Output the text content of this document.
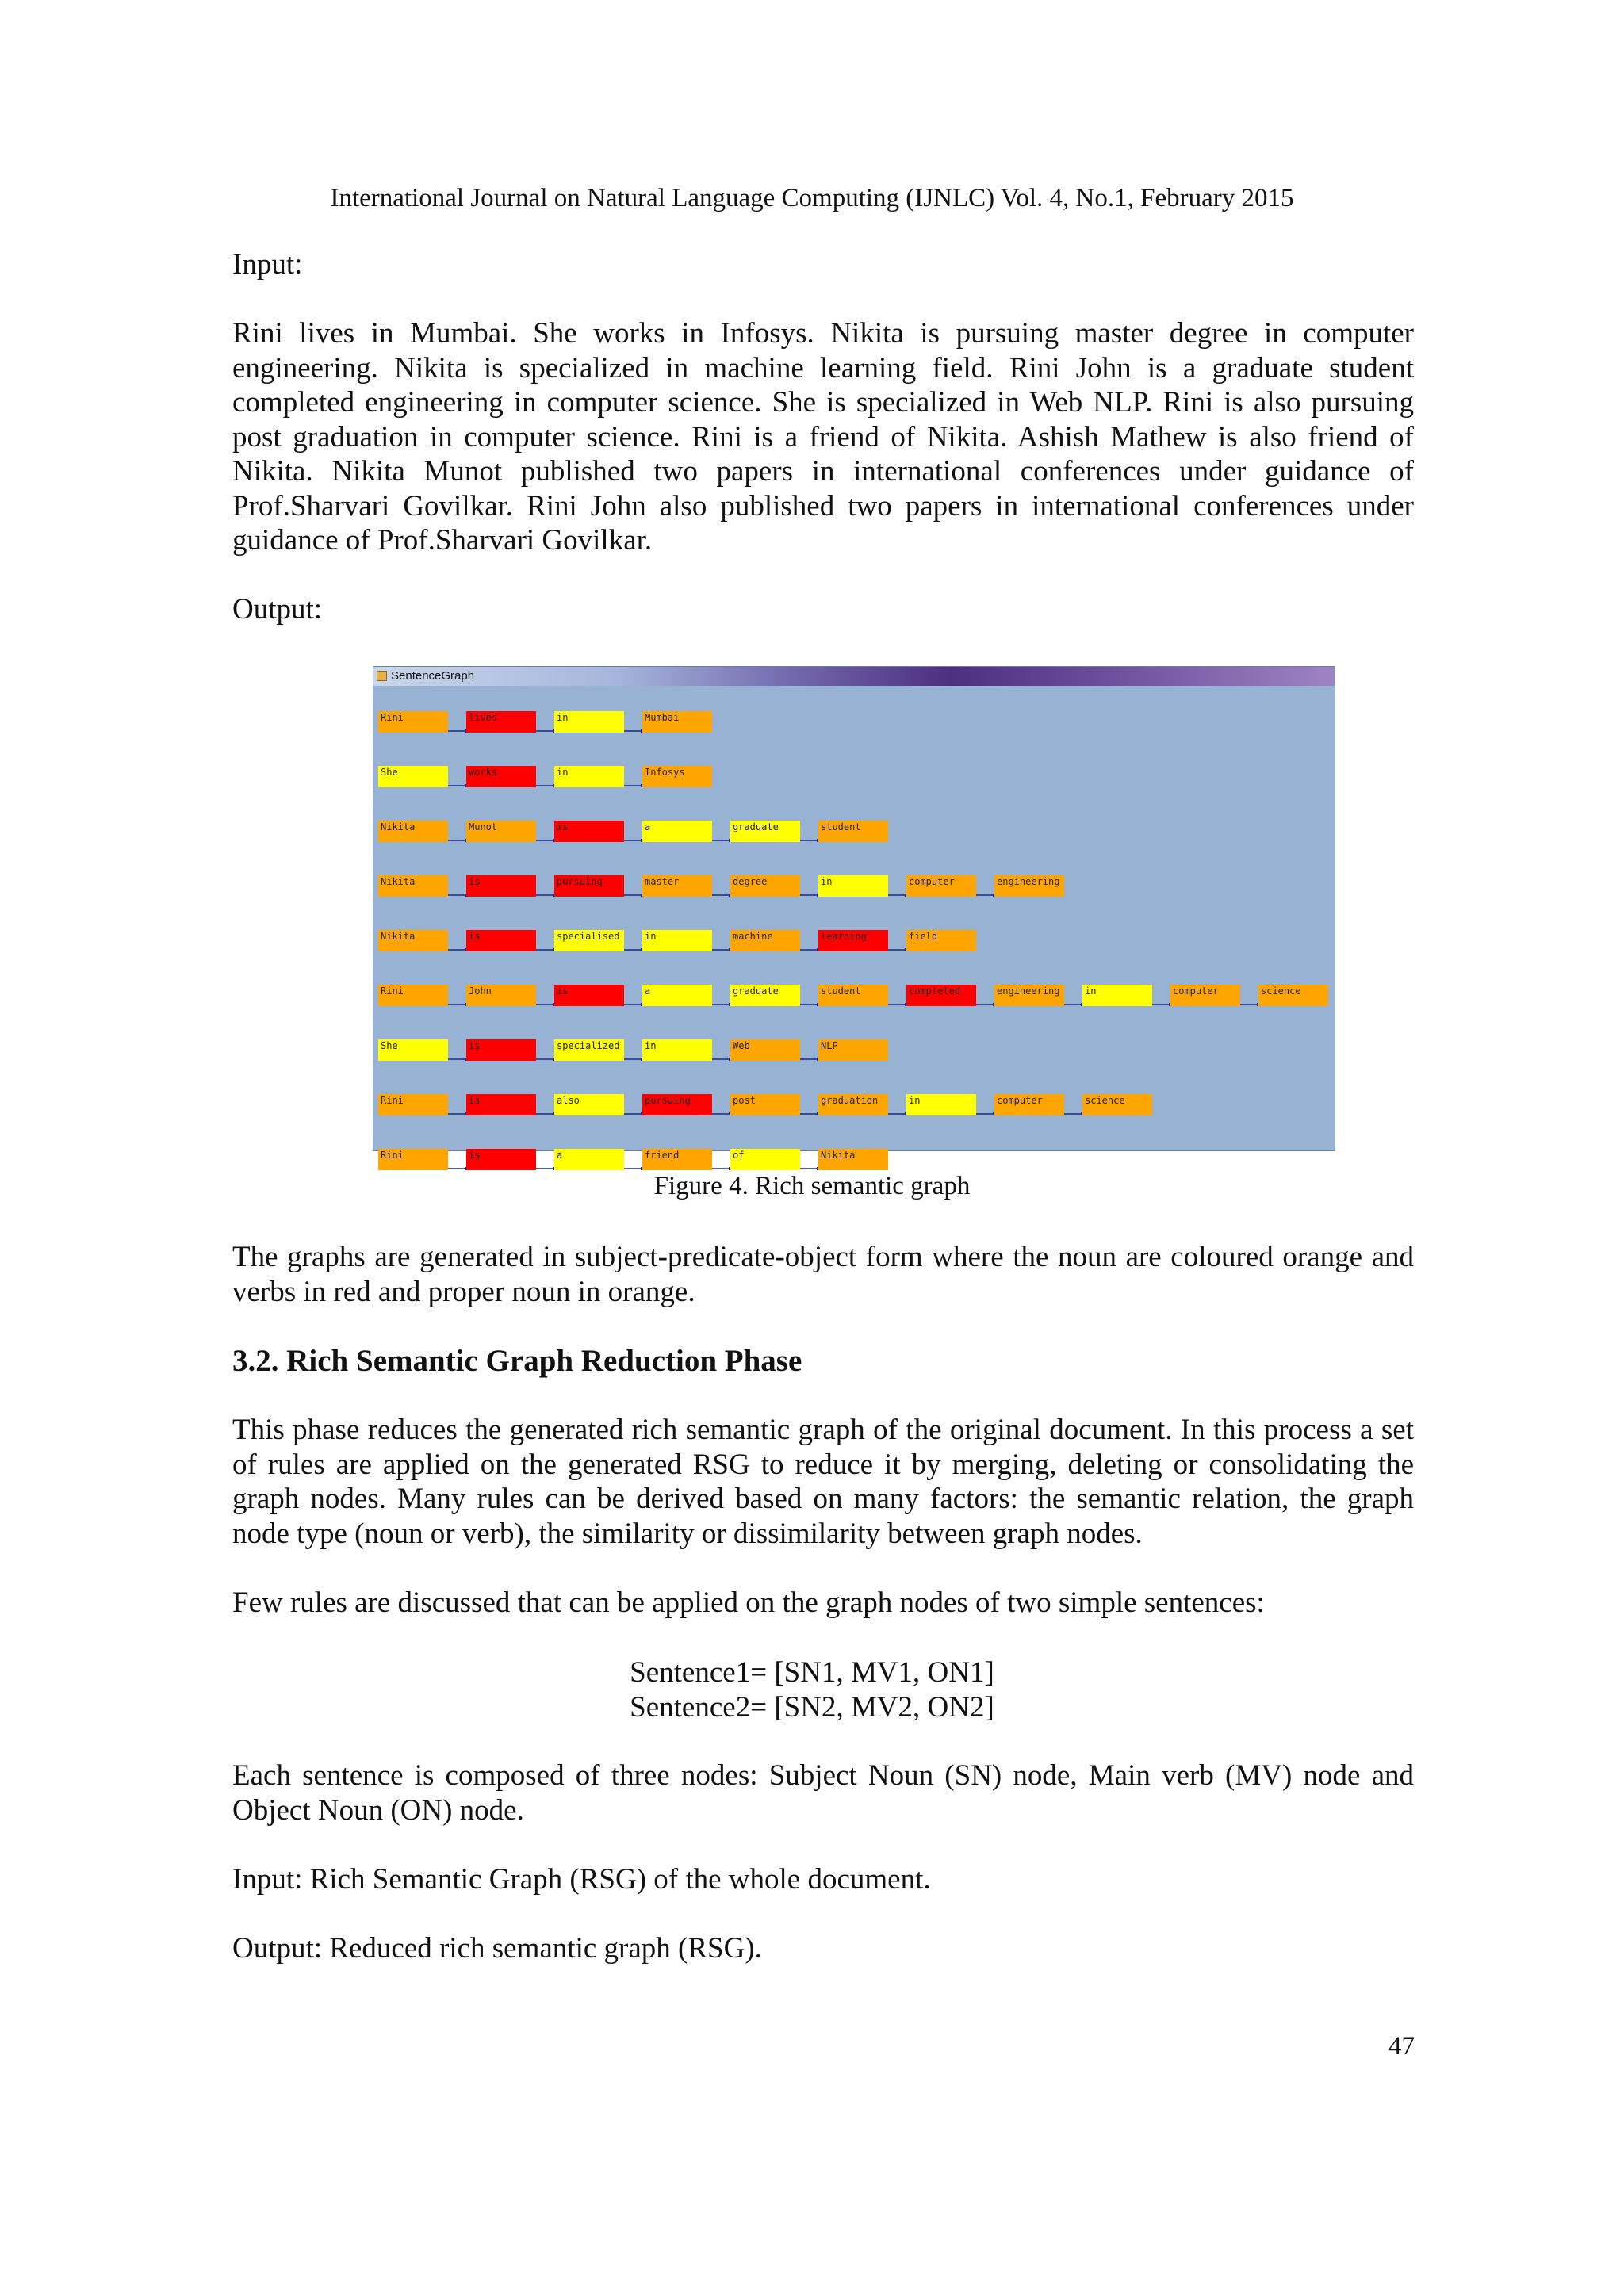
International Journal on Natural Language Computing (IJNLC) Vol. 4, No.1, February 2015

Input:

Rini lives in Mumbai. She works in Infosys. Nikita is pursuing master degree in computer engineering. Nikita is specialized in machine learning field. Rini John is a graduate student completed engineering in computer science. She is specialized in Web NLP. Rini is also pursuing post graduation in computer science. Rini is a friend of Nikita. Ashish Mathew is also friend of Nikita. Nikita Munot published two papers in international conferences under guidance of Prof.Sharvari Govilkar. Rini John also published two papers in international conferences under guidance of Prof.Sharvari Govilkar.

Output:

SentenceGraph
Rini	lives	in	Mumbai
She	works	in	Infosys
Nikita	Munot	is	a	graduate	student
Nikita	is	pursuing	master	degree	in	computer	engineering
Nikita	is	specialised	in	machine	learning	field
Rini	John	is	a	graduate	student	completed	engineering	in	computer	science
She	is	specialized	in	Web	NLP
Rini	is	also	pursuing	post	graduation	in	computer	science
Rini	is	a	friend	of	Nikita
Figure 4. Rich semantic graph

The graphs are generated in subject-predicate-object form where the noun are coloured orange and verbs in red and proper noun in orange.

3.2. Rich Semantic Graph Reduction Phase

This phase reduces the generated rich semantic graph of the original document. In this process a set of rules are applied on the generated RSG to reduce it by merging, deleting or consolidating the graph nodes. Many rules can be derived based on many factors: the semantic relation, the graph node type (noun or verb), the similarity or dissimilarity between graph nodes.

Few rules are discussed that can be applied on the graph nodes of two simple sentences:

Sentence1= [SN1, MV1, ON1]
Sentence2= [SN2, MV2, ON2]

Each sentence is composed of three nodes: Subject Noun (SN) node, Main verb (MV) node and Object Noun (ON) node.

Input: Rich Semantic Graph (RSG) of the whole document.

Output: Reduced rich semantic graph (RSG).

47
